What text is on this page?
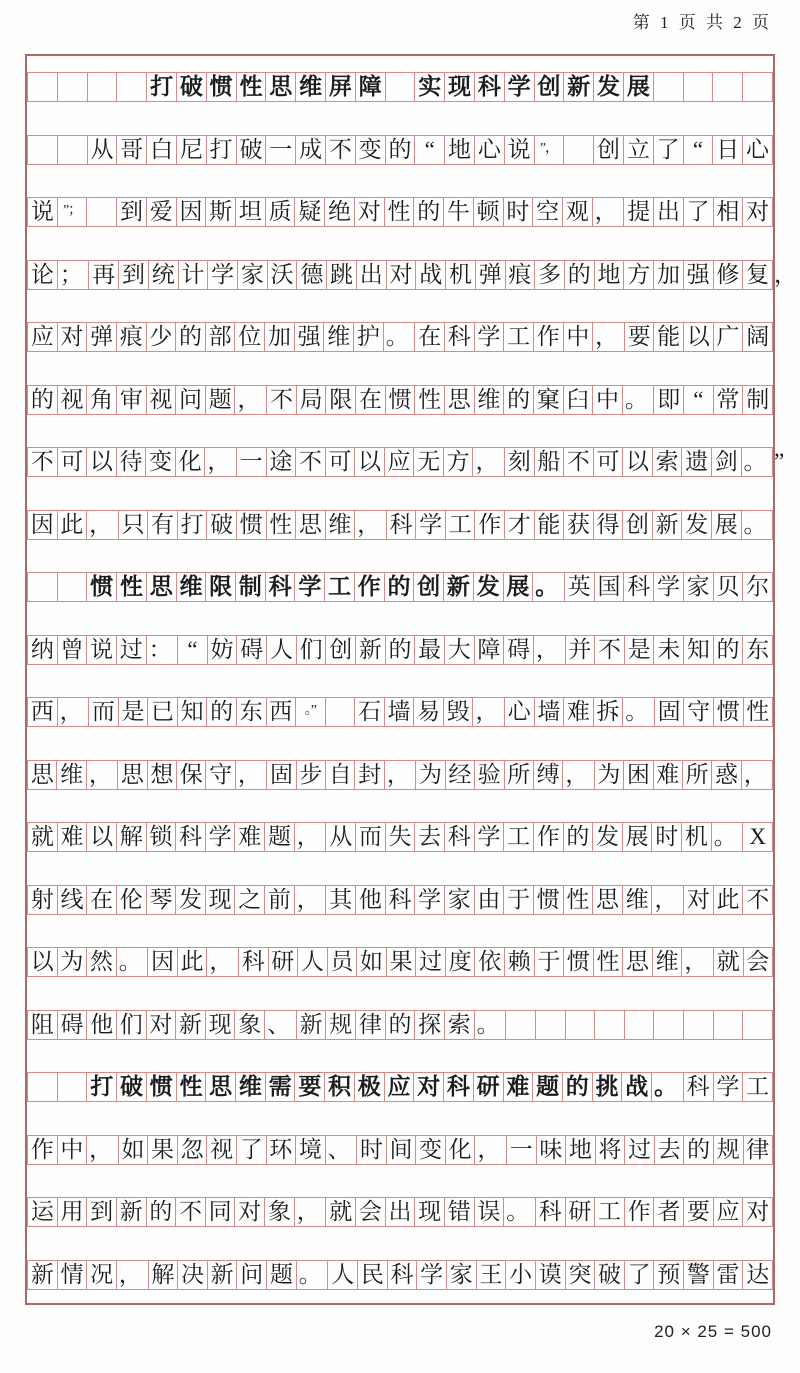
第 1 页 共 2 页
打 破 惯 性 思 维 屏 障 实 现 科 学 创 新 发 展
从 哥 白 尼 打 破 一 成 不 变 的 “ 地 心 说 ”， 创 立 了 “ 日 心
说 ”； 到 爱 因 斯 坦 质 疑 绝 对 性 的 牛 顿 时 空 观 ， 提 出 了 相 对
论 ； 再 到 统 计 学 家 沃 德 跳 出 对 战 机 弹 痕 多 的 地 方 加 强 修 复 ，
应 对 弹 痕 少 的 部 位 加 强 维 护 。 在 科 学 工 作 中 ， 要 能 以 广 阔
的 视 角 审 视 问 题 ， 不 局 限 在 惯 性 思 维 的 窠 臼 中 。 即 “ 常 制
不 可 以 待 变 化 ， 一 途 不 可 以 应 无 方 ， 刻 船 不 可 以 索 遗 剑 。 ”
因 此 ， 只 有 打 破 惯 性 思 维 ， 科 学 工 作 才 能 获 得 创 新 发 展 。
惯 性 思 维 限 制 科 学 工 作 的 创 新 发 展 。 英 国 科 学 家 贝 尔
纳 曾 说 过 ： “ 妨 碍 人 们 创 新 的 最 大 障 碍 ， 并 不 是 未 知 的 东
西 ， 而 是 已 知 的 东 西 。”	石 墙 易 毁 ， 心 墙 难 拆 。 固 守 惯 性
思 维 ， 思 想 保 守 ， 固 步 自 封 ， 为 经 验 所 缚 ， 为 困 难 所 惑 ，
就 难 以 解 锁 科 学 难 题 ， 从 而 失 去 科 学 工 作 的 发 展 时 机 。 X
射 线 在 伦 琴 发 现 之 前 ， 其 他 科 学 家 由 于 惯 性 思 维 ， 对 此 不
以 为 然 。 因 此 ， 科 研 人 员 如 果 过 度 依 赖 于 惯 性 思 维 ， 就 会
阻 碍 他 们 对 新 现 象 、 新 规 律 的 探 索 。
打 破 惯 性 思 维 需 要 积 极 应 对 科 研 难 题 的 挑 战 。 科 学 工
作 中 ， 如 果 忽 视 了 环 境 、 时 间 变 化 ， 一 味 地 将 过 去 的 规 律
运 用 到 新 的 不 同 对 象 ， 就 会 出 现 错 误 。 科 研 工 作 者 要 应 对
新 情 况 ， 解 决 新 问 题 。 人 民 科 学 家 王 小 谟 突 破 了 预 警 雷 达
20 × 25 = 500
